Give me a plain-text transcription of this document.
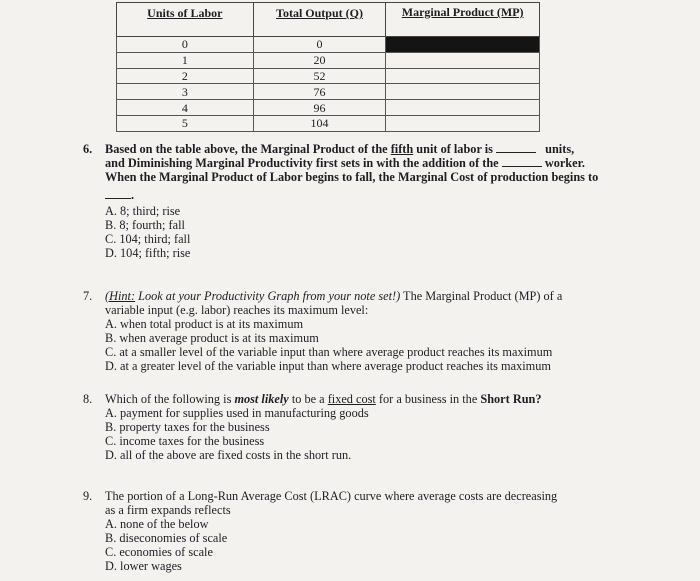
Units of Labor	Total Output (Q)	Marginal Product (MP)
0	0	
1	20	
2	52	
3	76	
4	96	
5	104	
6. Based on the table above, the Marginal Product of the fifth unit of labor is	units,
and Diminishing Marginal Productivity first sets in with the addition of the	worker.
When the Marginal Product of Labor begins to fall, the Marginal Cost of production begins to
.
A. 8; third; rise
B. 8; fourth; fall
C. 104; third; fall
D. 104; fifth; rise
7. (Hint: Look at your Productivity Graph from your note set!) The Marginal Product (MP) of a
variable input (e.g. labor) reaches its maximum level:
A. when total product is at its maximum
B. when average product is at its maximum
C. at a smaller level of the variable input than where average product reaches its maximum
D. at a greater level of the variable input than where average product reaches its maximum
8. Which of the following is most likely to be a fixed cost for a business in the Short Run?
A. payment for supplies used in manufacturing goods
B. property taxes for the business
C. income taxes for the business
D. all of the above are fixed costs in the short run.
9. The portion of a Long-Run Average Cost (LRAC) curve where average costs are decreasing
as a firm expands reflects
A. none of the below
B. diseconomies of scale
C. economies of scale
D. lower wages
